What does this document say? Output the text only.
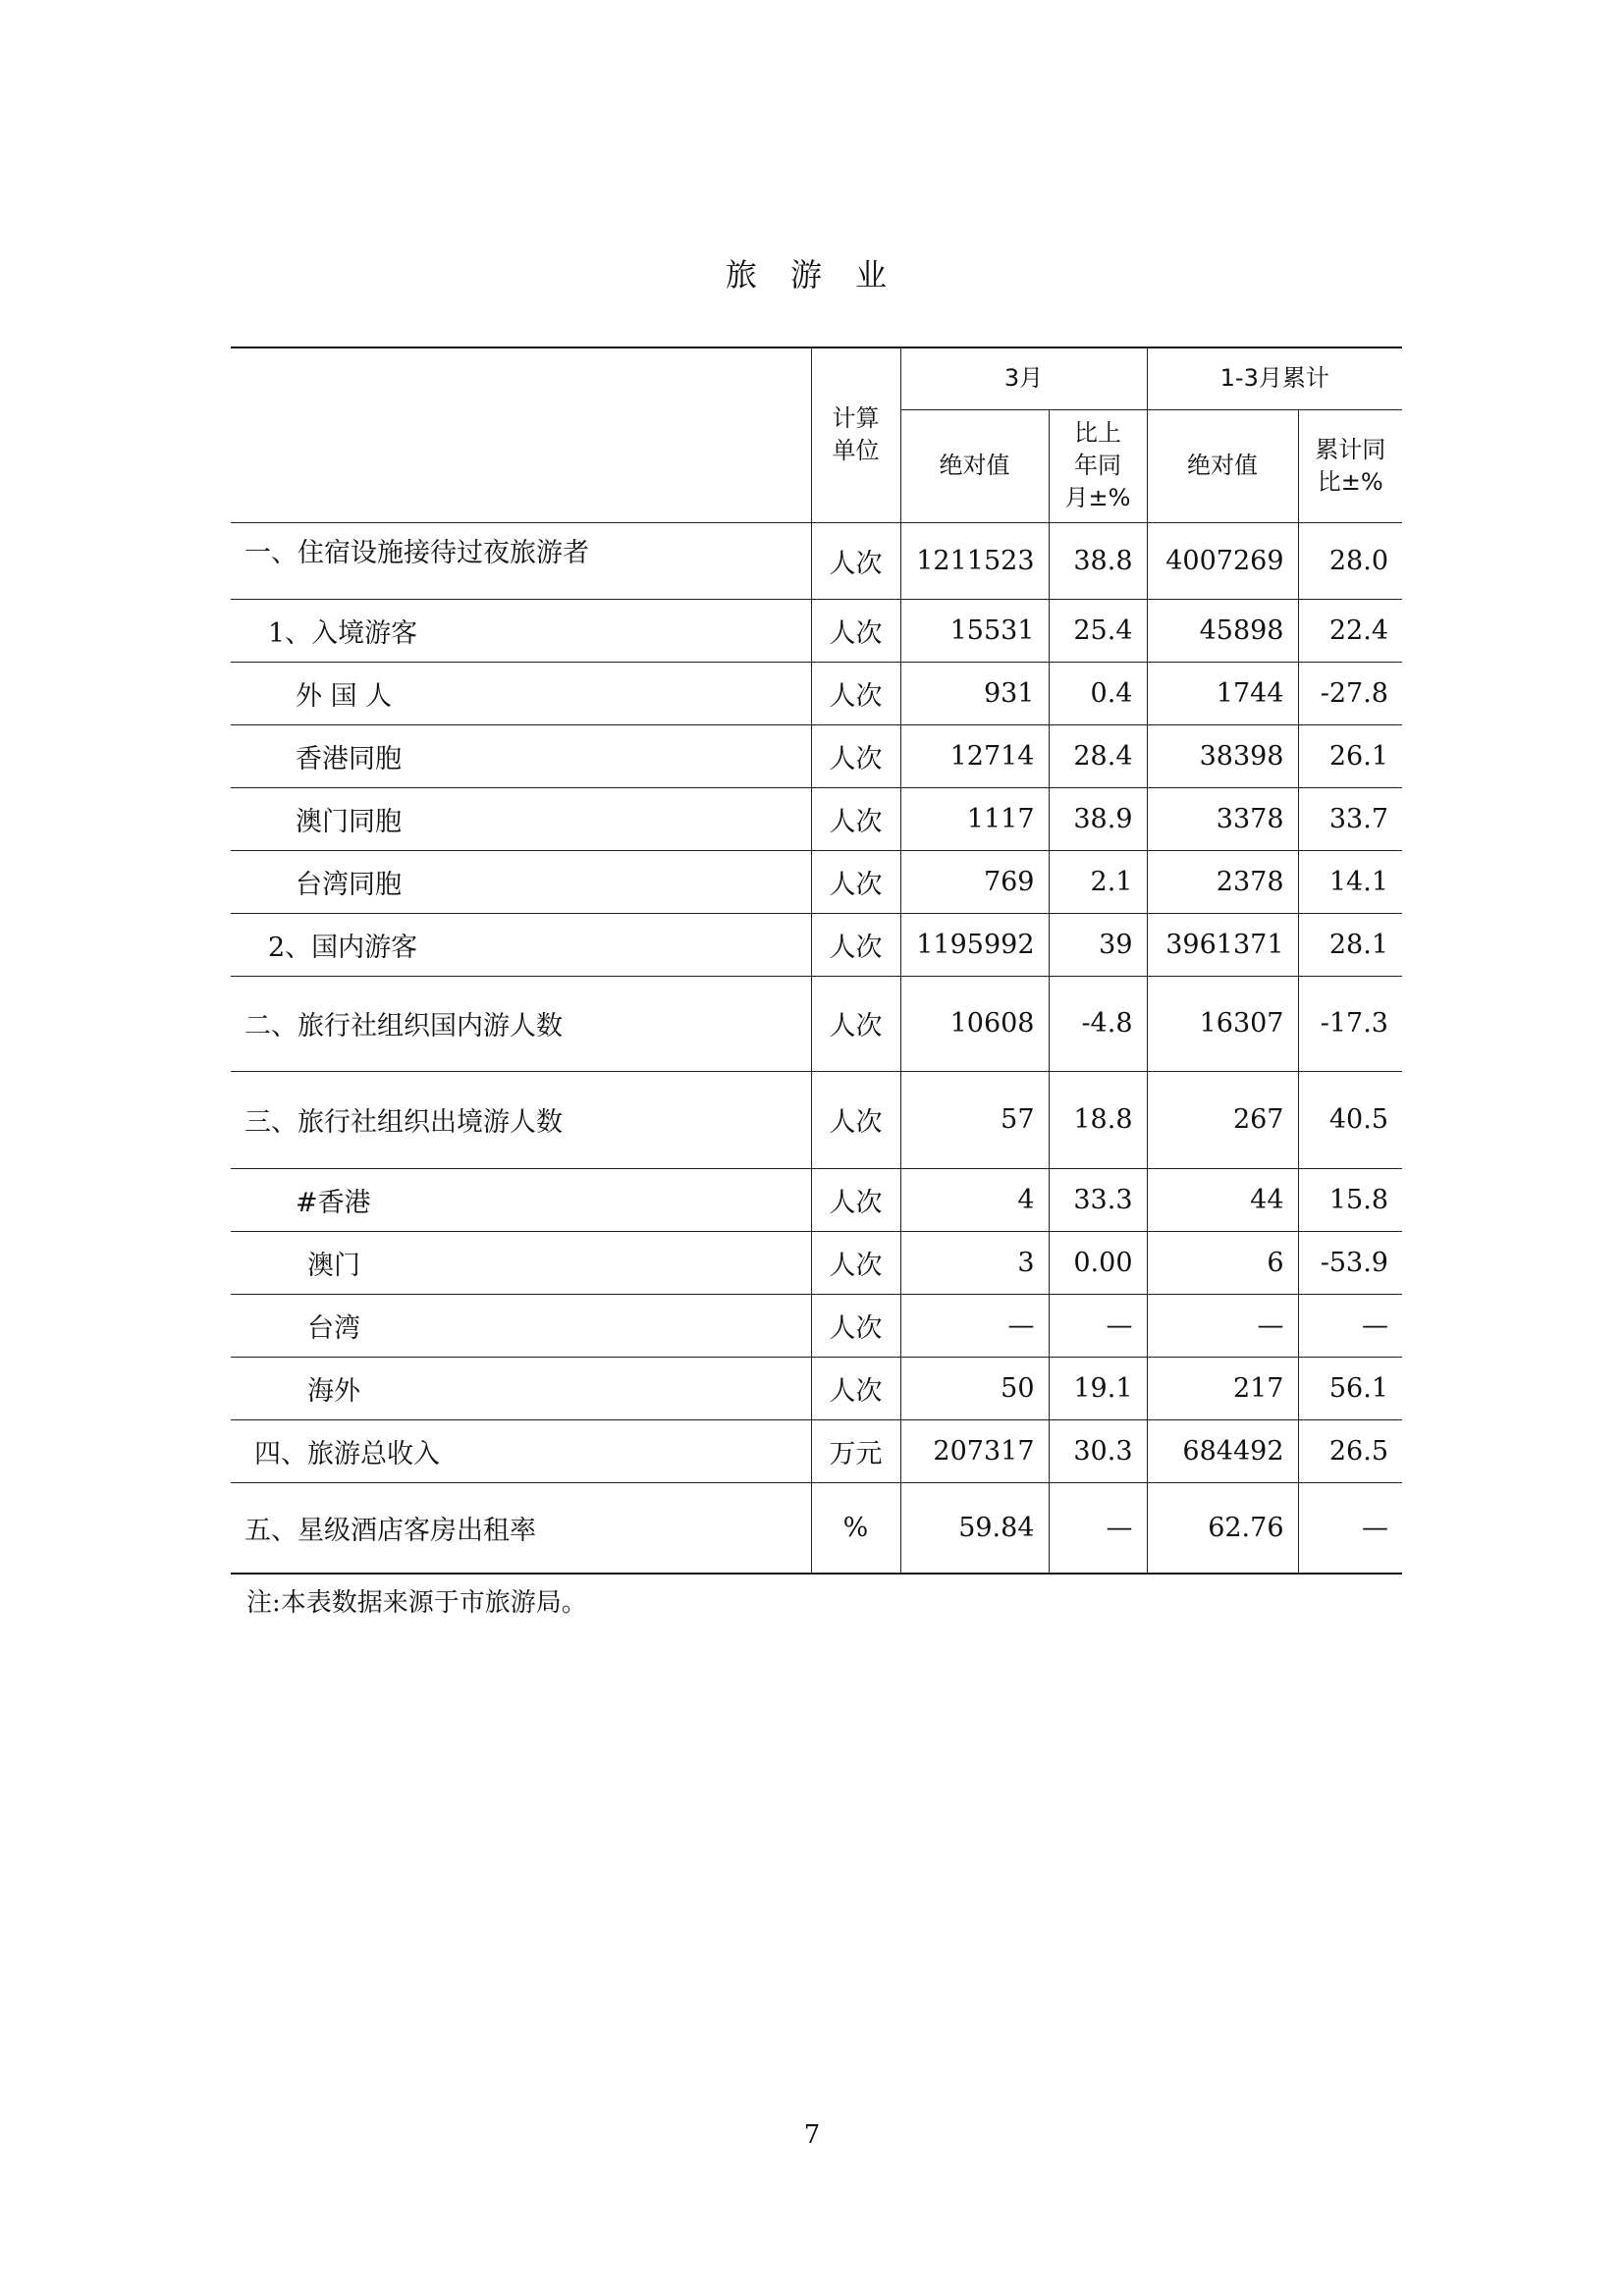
旅 游 业
	计算单位	3月		1-3月累计	
		绝对值	比上年同月±%	绝对值	累计同比±%
一、住宿设施接待过夜旅游者	人次	1211523	38.8	4007269	28.0
1、入境游客	人次	15531	25.4	45898	22.4
外 国 人	人次	931	0.4	1744	-27.8
香港同胞	人次	12714	28.4	38398	26.1
澳门同胞	人次	1117	38.9	3378	33.7
台湾同胞	人次	769	2.1	2378	14.1
2、国内游客	人次	1195992	39	3961371	28.1
二、旅行社组织国内游人数	人次	10608	-4.8	16307	-17.3
三、旅行社组织出境游人数	人次	57	18.8	267	40.5
#香港	人次	4	33.3	44	15.8
澳门	人次	3	0.00	6	-53.9
台湾	人次	—	—	—	—
海外	人次	50	19.1	217	56.1
四、旅游总收入	万元	207317	30.3	684492	26.5
五、星级酒店客房出租率	%	59.84	—	62.76	—
注:本表数据来源于市旅游局。
7
